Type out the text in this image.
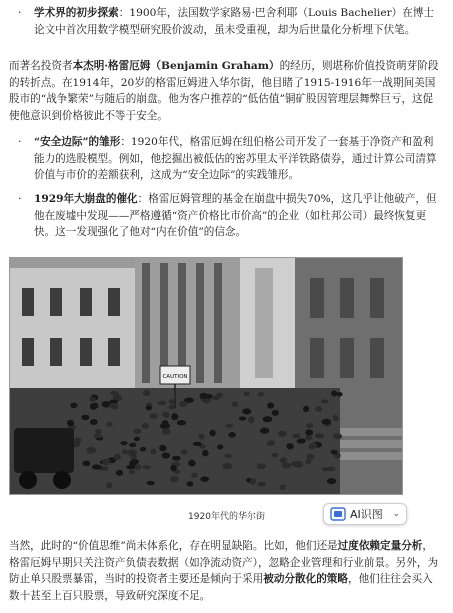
· 学术界的初步探索：1900年，法国数学家路易·巴舍利耶（Louis Bachelier）在博士论文中首次用数学模型研究股价波动，虽未受重视，却为后世量化分析埋下伏笔。
而著名投资者本杰明·格雷厄姆（Benjamin Graham）的经历，则堪称价值投资萌芽阶段的转折点。在1914年，20岁的格雷厄姆进入华尔街，他目睹了1915-1916年一战期间美国股市的“战争繁荣”与随后的崩盘。他为客户推荐的“低估值”铜矿股因管理层舞弊巨亏，这促使他意识到价格彼此不等于安全。
· “安全边际”的雏形：1920年代，格雷厄姆在纽伯格公司开发了一套基于净资产和盈利能力的选股模型。例如，他挖掘出被低估的密苏里太平洋铁路债券，通过计算公司清算价值与市价的差额获利，这成为“安全边际”的实践雏形。
· 1929年大崩盘的催化：格雷厄姆管理的基金在崩盘中损失70%，这几乎让他破产，但他在废墟中发现——严格遵循“资产价格比市价高”的企业（如杜邦公司）最终恢复更快。这一发现强化了他对“内在价值”的信念。
CAUTION
1920年代的华尔街	AI识图 ⌄
当然，此时的“价值思维”尚未体系化，存在明显缺陷。比如，他们还是过度依赖定量分析，格雷厄姆早期只关注资产负债表数据（如净流动资产），忽略企业管理和行业前景。另外，为防止单只股票暴雷，当时的投资者主要还是倾向于采用被动分散化的策略，他们往往会买入数十甚至上百只股票，导致研究深度不足。
